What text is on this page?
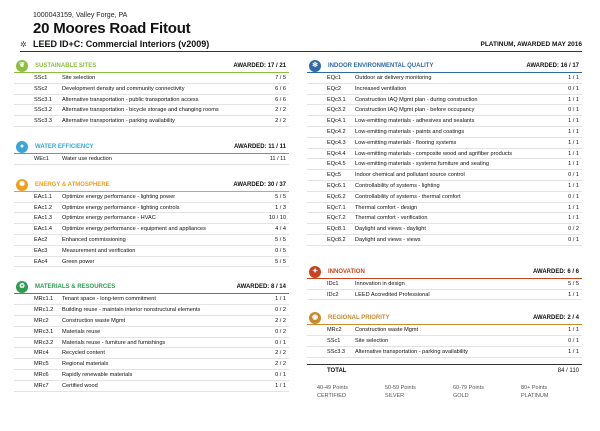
1000043159, Valley Forge, PA
20 Moores Road Fitout
✲ LEED ID+C: Commercial Interiors (v2009)	PLATINUM, AWARDED MAY 2016
❦	SUSTAINABLE SITES	AWARDED: 17 / 21
SSc1	Site selection	7 / 5
SSc2	Development density and community connectivity	6 / 6
SSc3.1 Alternative transportation - public transportation access	6 / 6
SSc3.2 Alternative transportation - bicycle storage and changing rooms	2 / 2
SSc3.3 Alternative transportation - parking availability	2 / 2
●	WATER EFFICIENCY	AWARDED: 11 / 11
WEc1 Water use reduction	11 / 11
✺	ENERGY & ATMOSPHERE	AWARDED: 30 / 37
EAc1.1 Optimize energy performance - lighting power	5 / 5
EAc1.2 Optimize energy performance - lighting controls	1 / 3
EAc1.3 Optimize energy performance - HVAC	10 / 10
EAc1.4 Optimize energy performance - equipment and appliances	4 / 4
EAc2	Enhanced commissioning	5 / 5
EAc3	Measurement and verification	0 / 5
EAc4	Green power	5 / 5
♻	MATERIALS & RESOURCES	AWARDED: 8 / 14
MRc1.1 Tenant space - long-term commitment	1 / 1
MRc1.2 Building reuse - maintain interior nonstructural elements	0 / 2
MRc2 Construction waste Mgmt	2 / 2
MRc3.1 Materials reuse	0 / 2
MRc3.2 Materials reuse - furniture and furnishings	0 / 1
MRc4 Recycled content	2 / 2
MRc5 Regional materials	2 / 2
MRc6 Rapidly renewable materials	0 / 1
MRc7 Certified wood	1 / 1
✻	INDOOR ENVIRONMENTAL QUALITY	AWARDED: 16 / 17
EQc1	Outdoor air delivery monitoring	1 / 1
EQc2	Increased ventilation	0 / 1
EQc3.1 Construction IAQ Mgmt plan - during construction	1 / 1
EQc3.2 Construction IAQ Mgmt plan - before occupancy	0 / 1
EQc4.1 Low-emitting materials - adhesives and sealants	1 / 1
EQc4.2 Low-emitting materials - paints and coatings	1 / 1
EQc4.3 Low-emitting materials - flooring systems	1 / 1
EQc4.4 Low-emitting materials - composite wood and agrifiber products	1 / 1
EQc4.5 Low-emitting materials - systems furniture and seating	1 / 1
EQc5	Indoor chemical and pollutant source control	0 / 1
EQc6.1 Controllability of systems - lighting	1 / 1
EQc6.2 Controllability of systems - thermal comfort	0 / 1
EQc7.1 Thermal comfort - design	1 / 1
EQc7.2 Thermal comfort - verification	1 / 1
EQc8.1 Daylight and views - daylight	0 / 2
EQc8.2 Daylight and views - views	0 / 1
✦	INNOVATION	AWARDED: 6 / 6
IDc1	Innovation in design	5 / 5
IDc2	LEED Accredited Professional	1 / 1
◉	REGIONAL PRIORITY	AWARDED: 2 / 4
MRc2 Construction waste Mgmt	1 / 1
SSc1	Site selection	0 / 1
SSc3.3 Alternative transportation - parking availability	1 / 1
TOTAL	84 / 110
40-49 Points
CERTIFIED
50-59 Points
SILVER
60-79 Points
GOLD
80+ Points
PLATINUM
